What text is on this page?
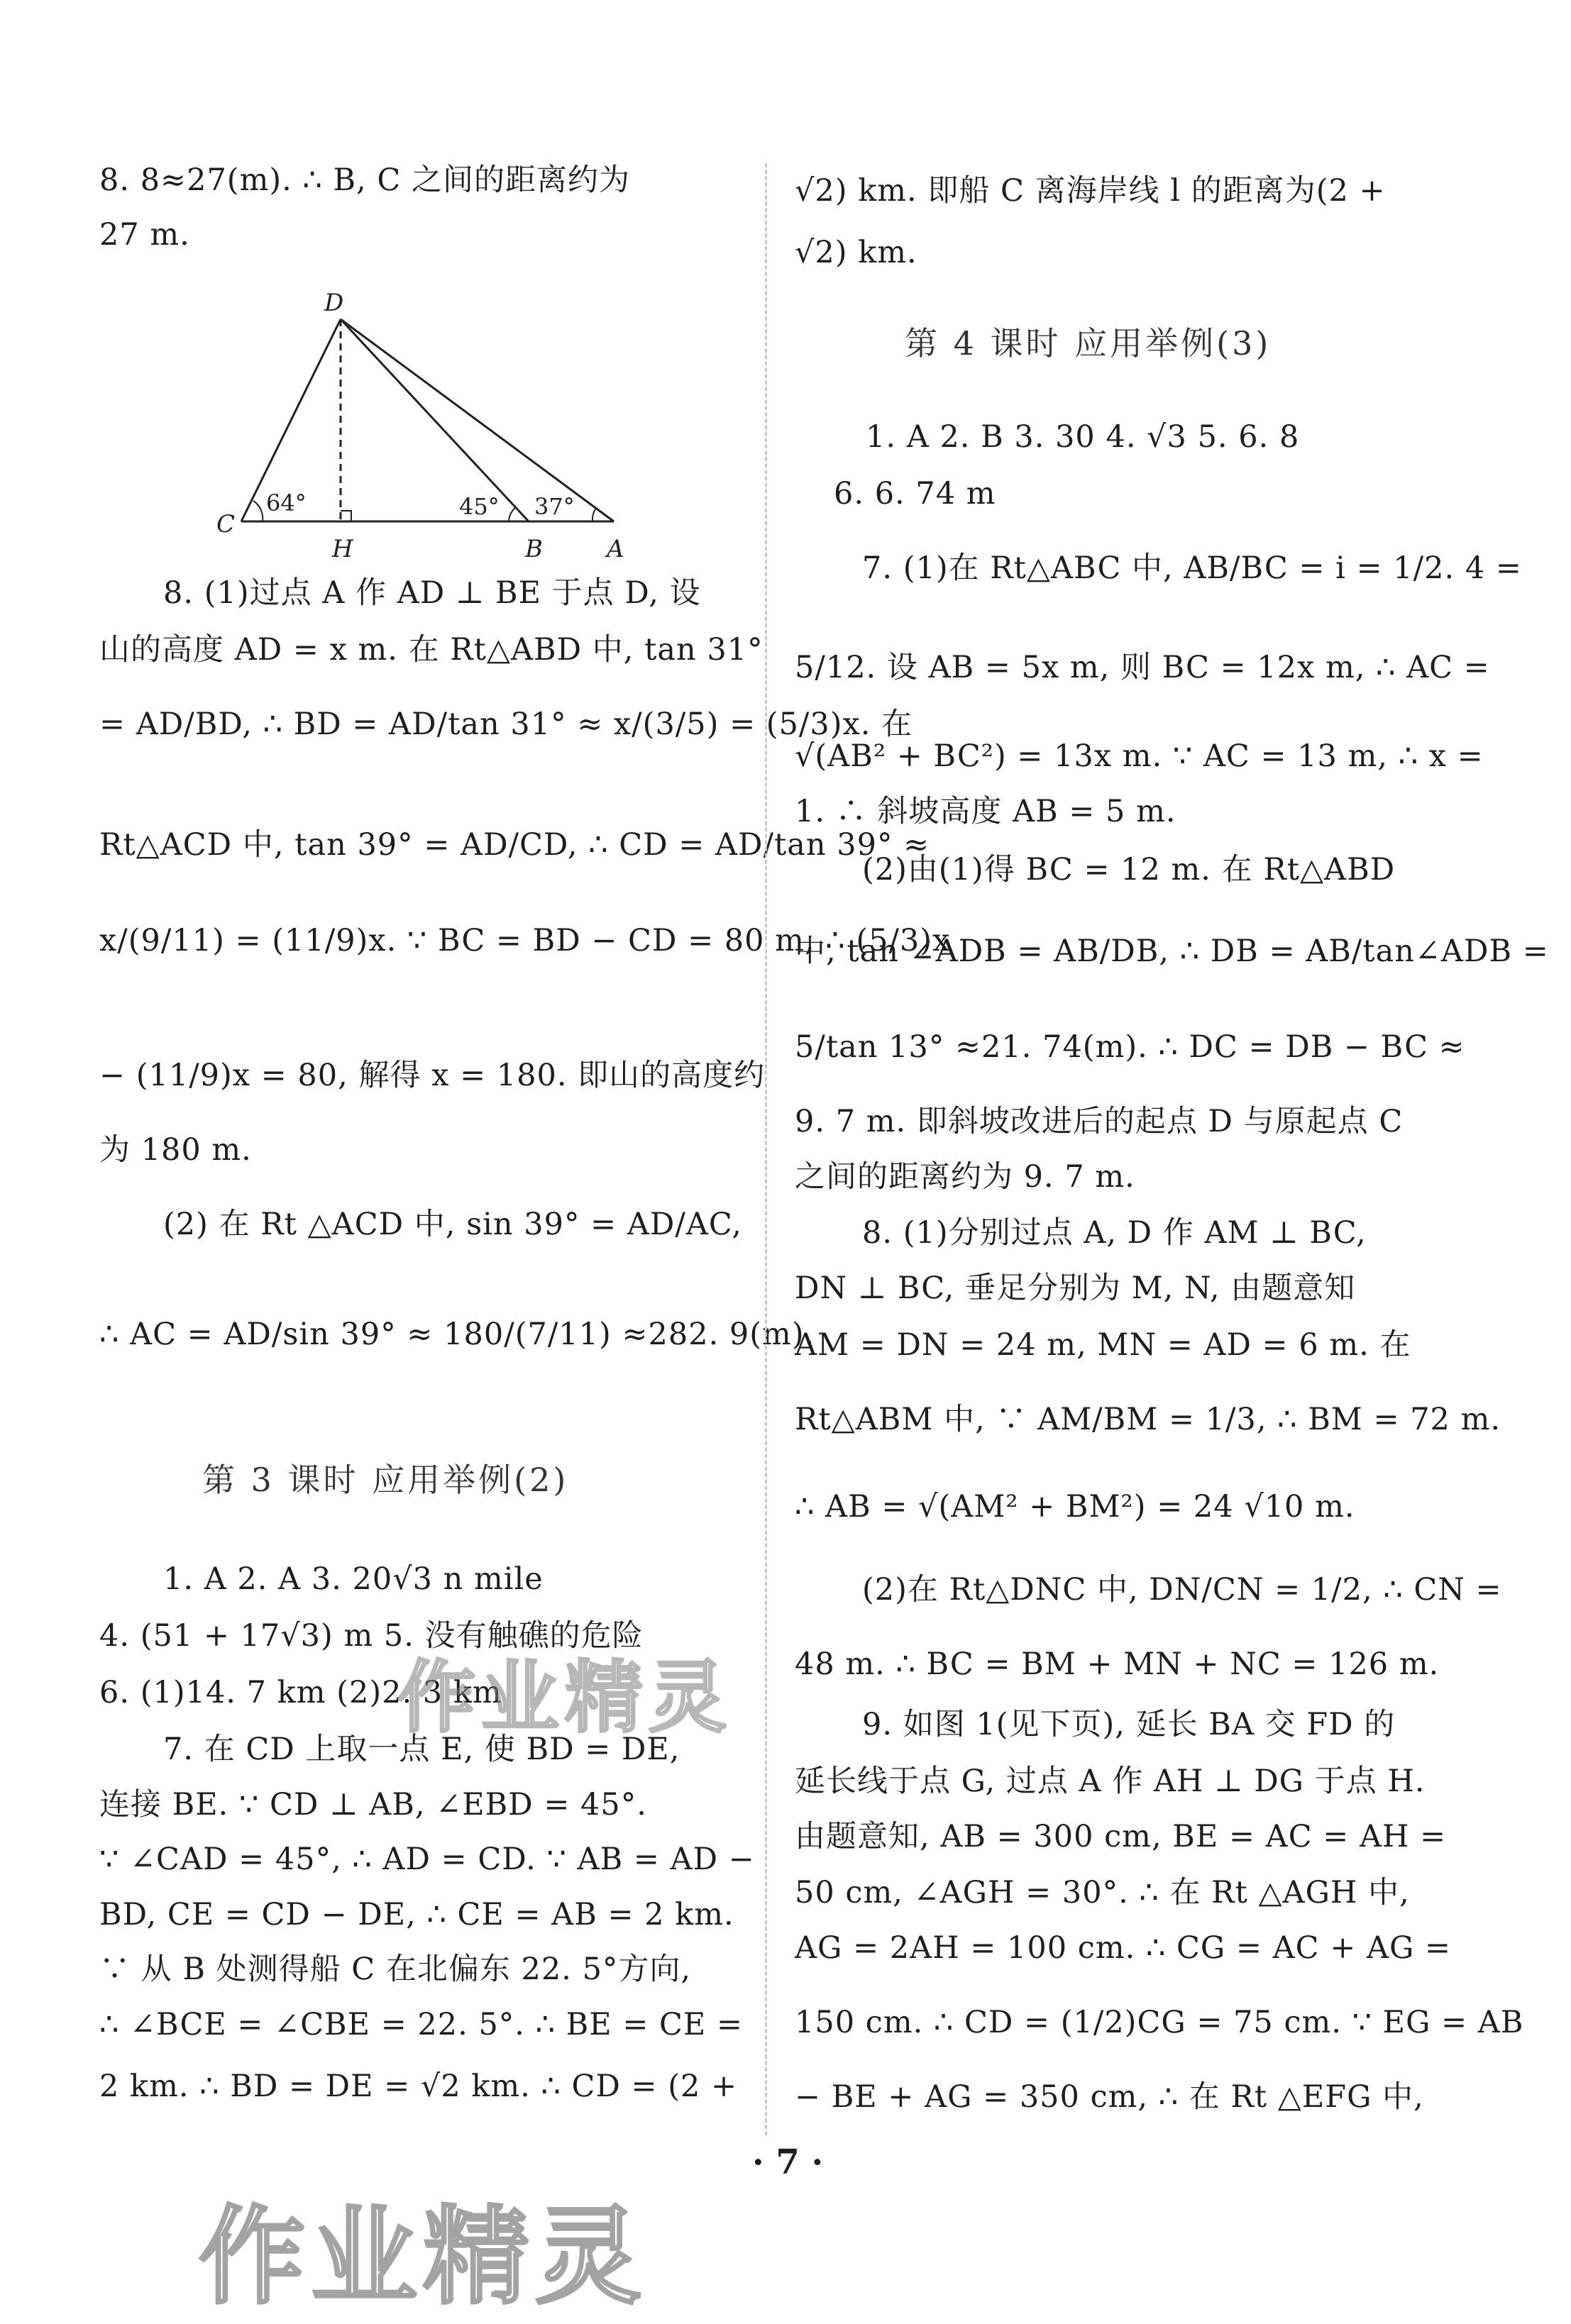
8. 8≈27(m). ∴ B, C 之间的距离约为
27 m.
8. (1)过点 A 作 AD ⊥ BE 于点 D, 设
山的高度 AD = x m. 在 Rt△ABD 中, tan 31°
= AD/BD, ∴ BD = AD/tan 31° ≈ x/(3/5) = (5/3)x. 在
Rt△ACD 中, tan 39° = AD/CD, ∴ CD = AD/tan 39° ≈
x/(9/11) = (11/9)x. ∵ BC = BD − CD = 80 m, ∴ (5/3)x
− (11/9)x = 80, 解得 x = 180. 即山的高度约
为 180 m.
(2) 在 Rt △ACD 中, sin 39° = AD/AC,
∴ AC = AD/sin 39° ≈ 180/(7/11) ≈282. 9(m).
第 3 课时 应用举例(2)
1. A 2. A 3. 20√3 n mile
4. (51 + 17√3) m 5. 没有触礁的危险
6. (1)14. 7 km (2)2. 3 km
7. 在 CD 上取一点 E, 使 BD = DE,
连接 BE. ∵ CD ⊥ AB, ∠EBD = 45°.
∵ ∠CAD = 45°, ∴ AD = CD. ∵ AB = AD −
BD, CE = CD − DE, ∴ CE = AB = 2 km.
∵ 从 B 处测得船 C 在北偏东 22. 5°方向,
∴ ∠BCE = ∠CBE = 22. 5°. ∴ BE = CE =
2 km. ∴ BD = DE = √2 km. ∴ CD = (2 +
D
C
H	B	A
64°	45° 37°
√2) km. 即船 C 离海岸线 l 的距离为(2 +
√2) km.
第 4 课时 应用举例(3)
1. A 2. B 3. 30 4. √3 5. 6. 8
6. 6. 74 m
7. (1)在 Rt△ABC 中, AB/BC = i = 1/2. 4 =
5/12. 设 AB = 5x m, 则 BC = 12x m, ∴ AC =
√(AB² + BC²) = 13x m. ∵ AC = 13 m, ∴ x =
1. ∴ 斜坡高度 AB = 5 m.
(2)由(1)得 BC = 12 m. 在 Rt△ABD
中, tan ∠ADB = AB/DB, ∴ DB = AB/tan∠ADB =
5/tan 13° ≈21. 74(m). ∴ DC = DB − BC ≈
9. 7 m. 即斜坡改进后的起点 D 与原起点 C
之间的距离约为 9. 7 m.
8. (1)分别过点 A, D 作 AM ⊥ BC,
DN ⊥ BC, 垂足分别为 M, N, 由题意知
AM = DN = 24 m, MN = AD = 6 m. 在
Rt△ABM 中, ∵ AM/BM = 1/3, ∴ BM = 72 m.
∴ AB = √(AM² + BM²) = 24 √10 m.
(2)在 Rt△DNC 中, DN/CN = 1/2, ∴ CN =
48 m. ∴ BC = BM + MN + NC = 126 m.
9. 如图 1(见下页), 延长 BA 交 FD 的
延长线于点 G, 过点 A 作 AH ⊥ DG 于点 H.
由题意知, AB = 300 cm, BE = AC = AH =
50 cm, ∠AGH = 30°. ∴ 在 Rt △AGH 中,
AG = 2AH = 100 cm. ∴ CG = AC + AG =
150 cm. ∴ CD = (1/2)CG = 75 cm. ∵ EG = AB
− BE + AG = 350 cm, ∴ 在 Rt △EFG 中,
· 7 ·
作业精灵
作业精灵
